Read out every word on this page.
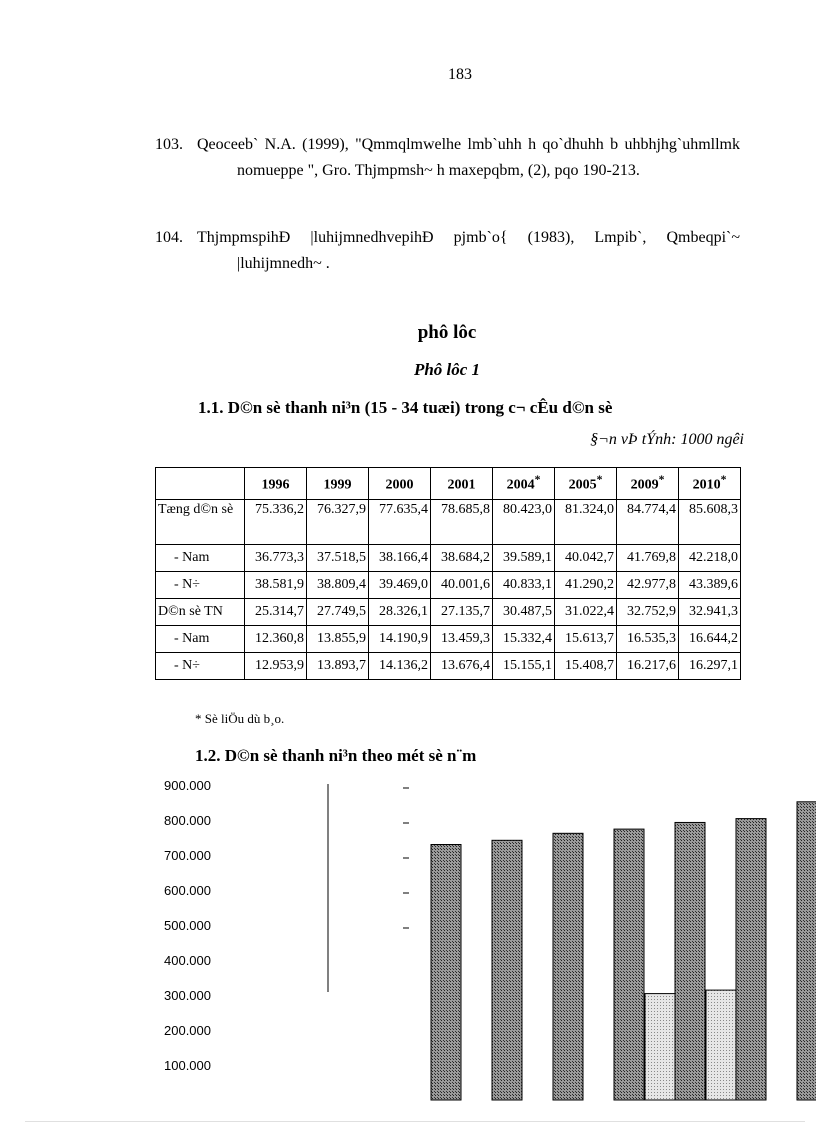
183
103. Qeoceeb` N.A. (1999), "Qmmqlmwelhe lmb`uhh h qo`dhuhh b uhbhjhg`uhmllmk nomueppe ", Gro. Thjmpmsh~ h maxepqbm, (2), pqo 190-213.
104. ThjmpmspihÐ |luhijmnedhvepihÐ pjmb`o{ (1983), Lmpib`, Qmbeqpi`~ |luhijmnedh~ .
phô lôc
Phô lôc 1
1.1. D©n sè thanh ni³n (15 - 34 tuæi) trong c¬ cÊu d©n sè
§¬n vÞ tÝnh: 1000 ngêi
	1996	1999	2000	2001	2004*	2005*	2009*	2010*
Tæng d©n sè	75.336,2	76.327,9	77.635,4	78.685,8	80.423,0	81.324,0	84.774,4	85.608,3
- Nam	36.773,3	37.518,5	38.166,4	38.684,2	39.589,1	40.042,7	41.769,8	42.218,0
- N÷	38.581,9	38.809,4	39.469,0	40.001,6	40.833,1	41.290,2	42.977,8	43.389,6
D©n sè TN	25.314,7	27.749,5	28.326,1	27.135,7	30.487,5	31.022,4	32.752,9	32.941,3
- Nam	12.360,8	13.855,9	14.190,9	13.459,3	15.332,4	15.613,7	16.535,3	16.644,2
- N÷	12.953,9	13.893,7	14.136,2	13.676,4	15.155,1	15.408,7	16.217,6	16.297,1
* Sè liÖu dù b¸o.
1.2. D©n sè thanh ni³n theo mét sè n¨m
900.000
800.000
700.000
600.000
500.000
400.000
300.000
200.000
100.000
